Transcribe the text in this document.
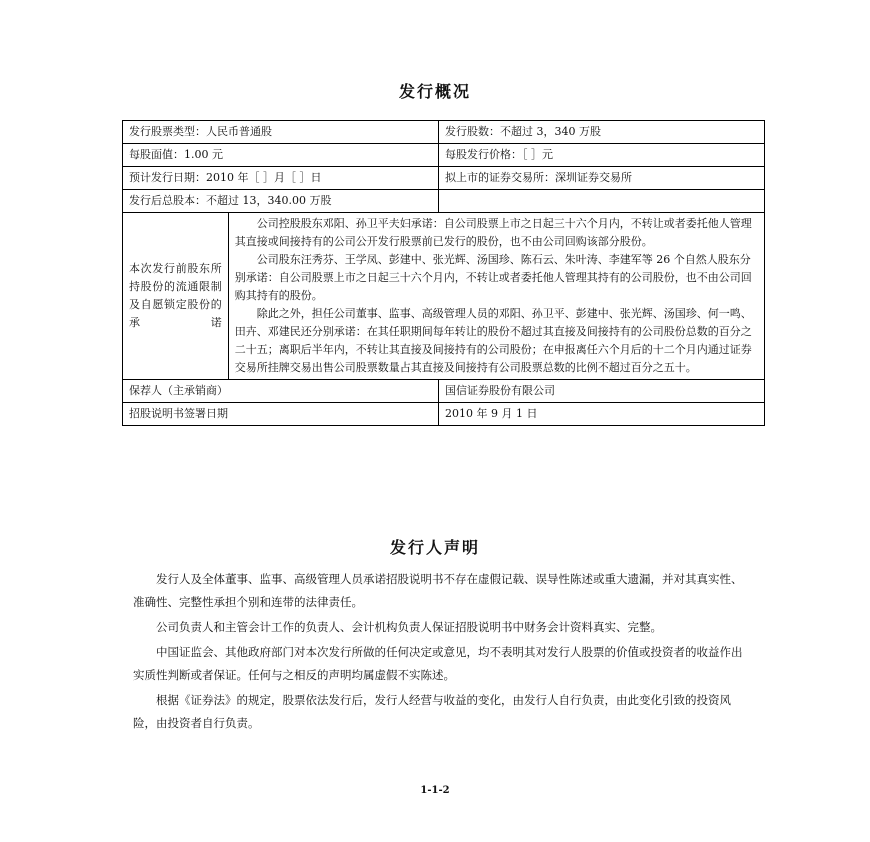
发行概况
发行股票类型：人民币普通股		发行股数：不超过 3，340 万股
每股面值：1.00 元		每股发行价格：［ ］元
预计发行日期：2010 年［ ］月［ ］日		拟上市的证券交易所：深圳证券交易所
发行后总股本：不超过 13，340.00 万股		
本次发行前股东所持股份的流通限制及自愿锁定股份的承诺	公司控股股东邓阳、孙卫平夫妇承诺：自公司股票上市之日起三十六个月内，不转让或者委托他人管理其直接或间接持有的公司公开发行股票前已发行的股份，也不由公司回购该部分股份。

公司股东汪秀芬、王学凤、彭建中、张光辉、汤国珍、陈石云、朱叶涛、李建军等 26 个自然人股东分别承诺：自公司股票上市之日起三十六个月内，不转让或者委托他人管理其持有的公司股份，也不由公司回购其持有的股份。

除此之外，担任公司董事、监事、高级管理人员的邓阳、孙卫平、彭建中、张光辉、汤国珍、何一鸣、田卉、邓建民还分别承诺：在其任职期间每年转让的股份不超过其直接及间接持有的公司股份总数的百分之二十五；离职后半年内，不转让其直接及间接持有的公司股份；在申报离任六个月后的十二个月内通过证券交易所挂牌交易出售公司股票数量占其直接及间接持有公司股票总数的比例不超过百分之五十。	

保荐人（主承销商）		国信证券股份有限公司
招股说明书签署日期		2010 年 9 月 1 日
发行人声明

发行人及全体董事、监事、高级管理人员承诺招股说明书不存在虚假记载、误导性陈述或重大遗漏，并对其真实性、准确性、完整性承担个别和连带的法律责任。

公司负责人和主管会计工作的负责人、会计机构负责人保证招股说明书中财务会计资料真实、完整。

中国证监会、其他政府部门对本次发行所做的任何决定或意见，均不表明其对发行人股票的价值或投资者的收益作出实质性判断或者保证。任何与之相反的声明均属虚假不实陈述。

根据《证券法》的规定，股票依法发行后，发行人经营与收益的变化，由发行人自行负责，由此变化引致的投资风险，由投资者自行负责。

1-1-2
